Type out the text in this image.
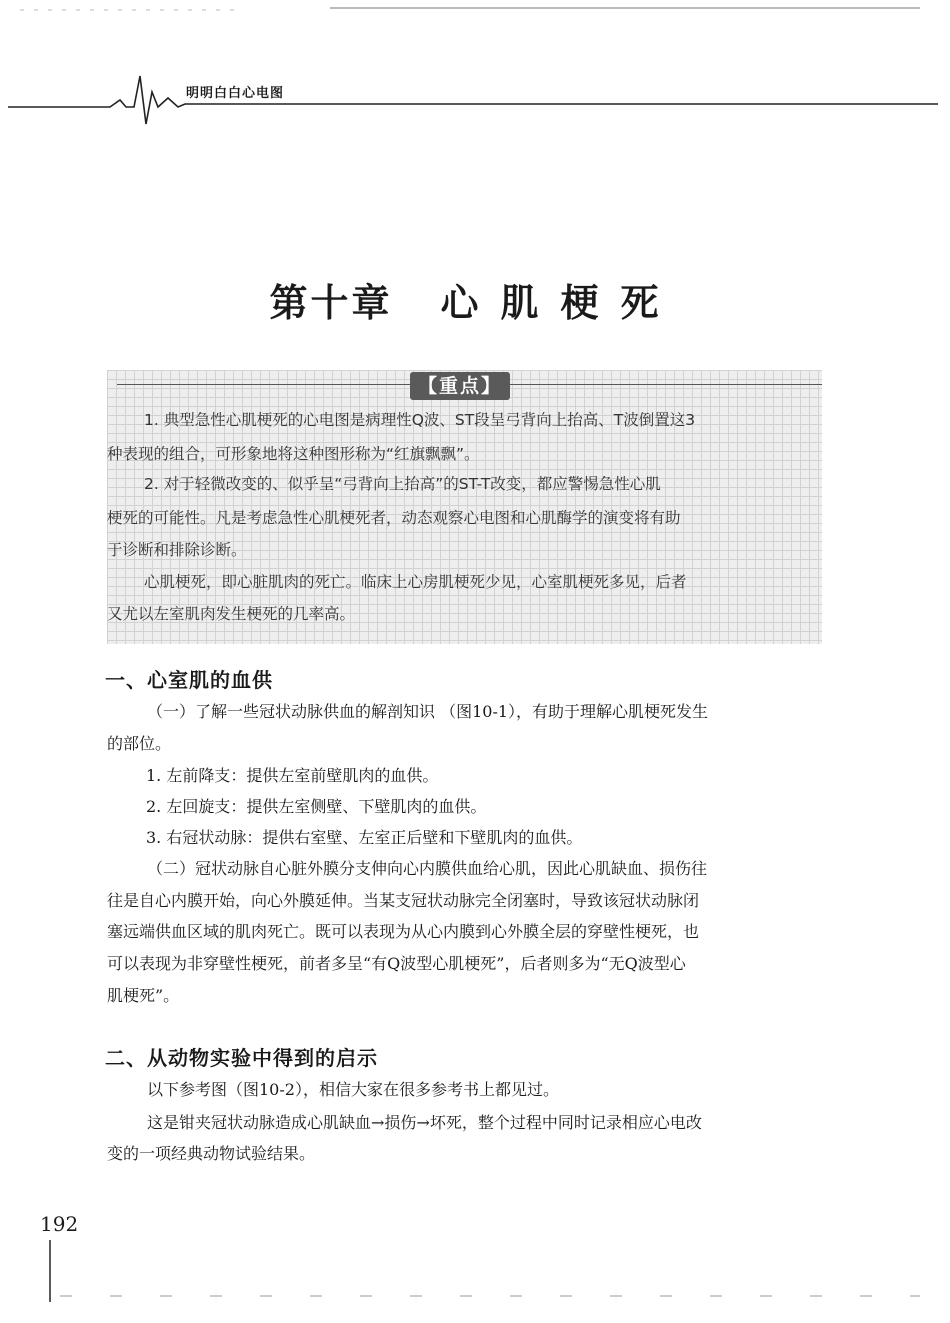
明明白白心电图
第十章 心肌梗死
【重点】
1. 典型急性心肌梗死的心电图是病理性Q波、ST段呈弓背向上抬高、T波倒置这3
种表现的组合，可形象地将这种图形称为“红旗飘飘”。
2. 对于轻微改变的、似乎呈“弓背向上抬高”的ST-T改变，都应警惕急性心肌
梗死的可能性。凡是考虑急性心肌梗死者，动态观察心电图和心肌酶学的演变将有助
于诊断和排除诊断。
心肌梗死，即心脏肌肉的死亡。临床上心房肌梗死少见，心室肌梗死多见，后者
又尤以左室肌肉发生梗死的几率高。
一、心室肌的血供
（一）了解一些冠状动脉供血的解剖知识 （图10-1），有助于理解心肌梗死发生
的部位。
1. 左前降支：提供左室前壁肌肉的血供。
2. 左回旋支：提供左室侧壁、下壁肌肉的血供。
3. 右冠状动脉：提供右室壁、左室正后壁和下壁肌肉的血供。
（二）冠状动脉自心脏外膜分支伸向心内膜供血给心肌，因此心肌缺血、损伤往
往是自心内膜开始，向心外膜延伸。当某支冠状动脉完全闭塞时，导致该冠状动脉闭
塞远端供血区域的肌肉死亡。既可以表现为从心内膜到心外膜全层的穿壁性梗死，也
可以表现为非穿壁性梗死，前者多呈“有Q波型心肌梗死”，后者则多为“无Q波型心
肌梗死”。
二、从动物实验中得到的启示
以下参考图（图10-2），相信大家在很多参考书上都见过。
这是钳夹冠状动脉造成心肌缺血→损伤→坏死，整个过程中同时记录相应心电改
变的一项经典动物试验结果。
192
